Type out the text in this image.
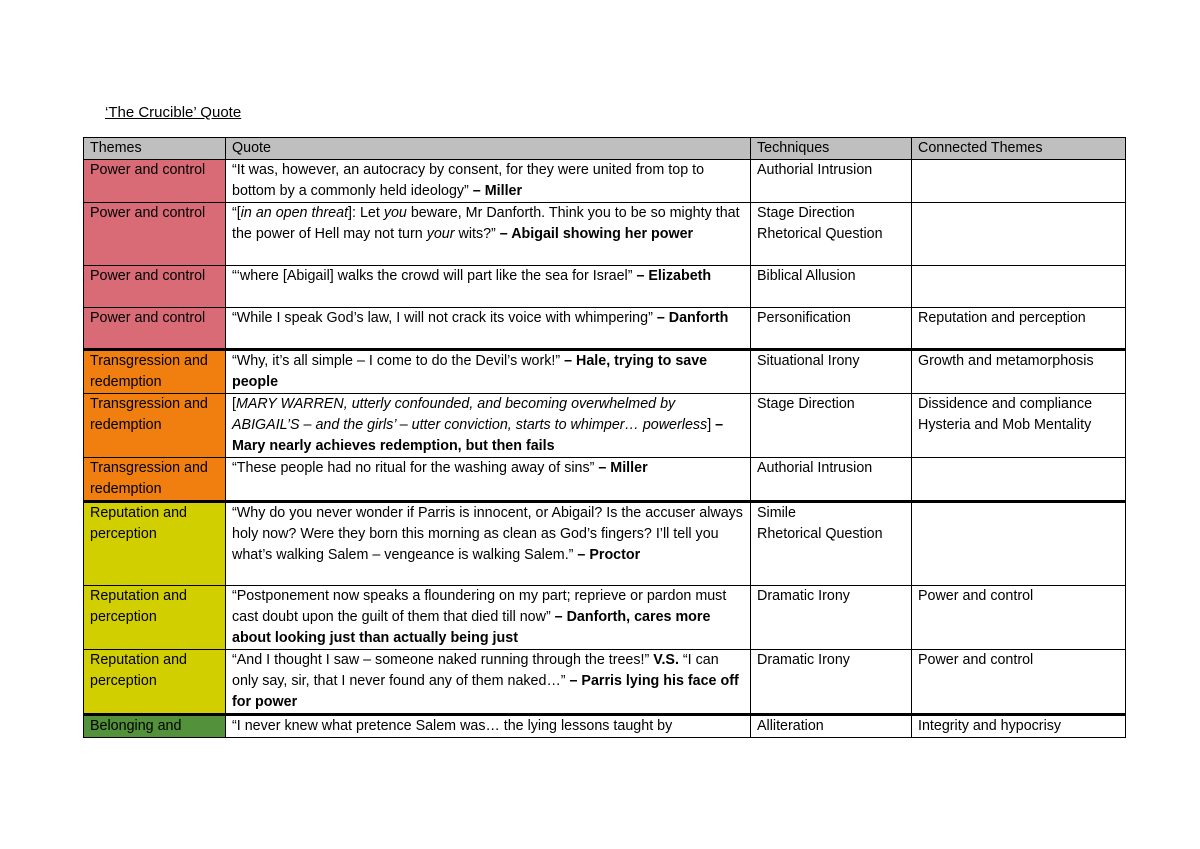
‘The Crucible’ Quote
Themes	Quote	Techniques	Connected Themes
Power and control	“It was, however, an autocracy by consent, for they were united from top to bottom by a commonly held ideology” – Miller	Authorial Intrusion	

Power and control	“[in an open threat]: Let you beware, Mr Danforth. Think you to be so mighty that the power of Hell may not turn your wits?” – Abigail showing her power	Stage Direction
Rhetorical Question	

Power and control	“‘where [Abigail] walks the crowd will part like the sea for Israel” – Elizabeth	Biblical Allusion	

Power and control	“While I speak God’s law, I will not crack its voice with whimpering” – Danforth	Personification	Reputation and perception

Transgression and redemption	“Why, it’s all simple – I come to do the Devil’s work!” – Hale, trying to save people	Situational Irony	Growth and metamorphosis

Transgression and redemption	[MARY WARREN, utterly confounded, and becoming overwhelmed by ABIGAIL’S – and the girls’ – utter conviction, starts to whimper… powerless] – Mary nearly achieves redemption, but then fails	Stage Direction	Dissidence and compliance
Hysteria and Mob Mentality

Transgression and redemption	“These people had no ritual for the washing away of sins” – Miller	Authorial Intrusion	

Reputation and perception	“Why do you never wonder if Parris is innocent, or Abigail? Is the accuser always holy now? Were they born this morning as clean as God’s fingers? I’ll tell you what’s walking Salem – vengeance is walking Salem.” – Proctor	Simile
Rhetorical Question	

Reputation and perception	“Postponement now speaks a floundering on my part; reprieve or pardon must cast doubt upon the guilt of them that died till now” – Danforth, cares more about looking just than actually being just	Dramatic Irony	Power and control

Reputation and perception	“And I thought I saw – someone naked running through the trees!” V.S. “I can only say, sir, that I never found any of them naked…” – Parris lying his face off for power	Dramatic Irony	Power and control

Belonging and	“I never knew what pretence Salem was… the lying lessons taught by	Alliteration	Integrity and hypocrisy
